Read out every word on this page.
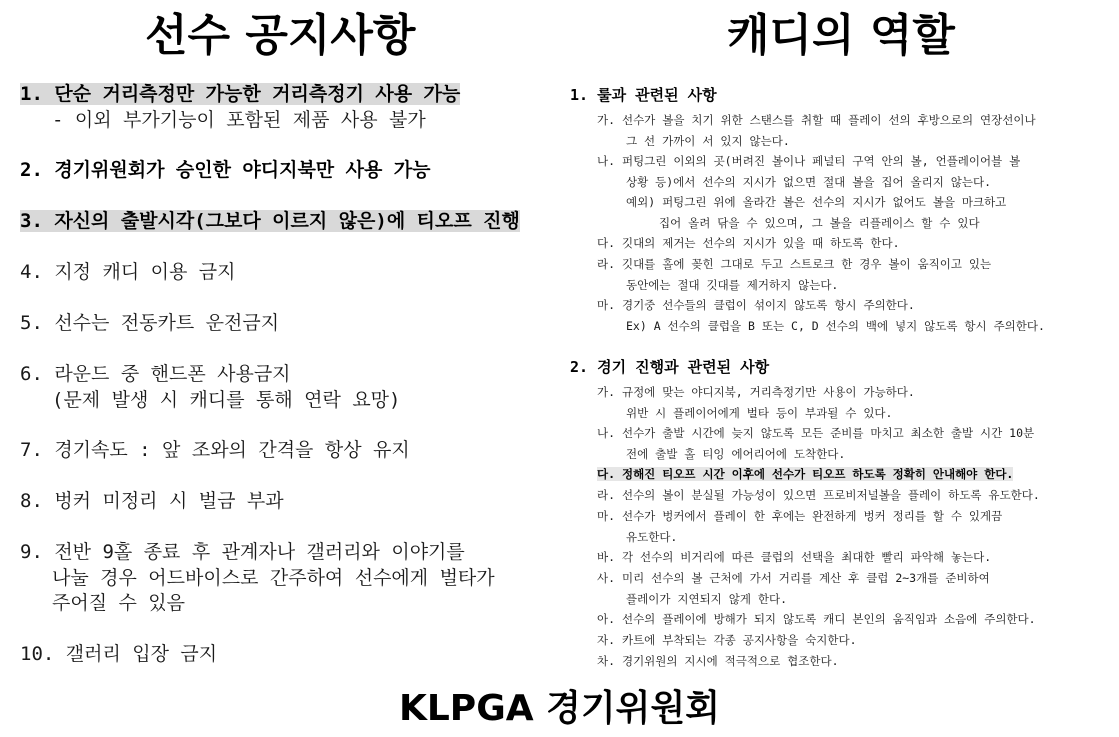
선수 공지사항	캐디의 역할
1. 단순 거리측정만 가능한 거리측정기 사용 가능
- 이외 부가기능이 포함된 제품 사용 불가
2. 경기위원회가 승인한 야디지북만 사용 가능
3. 자신의 출발시각(그보다 이르지 않은)에 티오프 진행
4. 지정 캐디 이용 금지
5. 선수는 전동카트 운전금지
6. 라운드 중 핸드폰 사용금지
(문제 발생 시 캐디를 통해 연락 요망)
7. 경기속도 : 앞 조와의 간격을 항상 유지
8. 벙커 미정리 시 벌금 부과
9. 전반 9홀 종료 후 관계자나 갤러리와 이야기를
나눌 경우 어드바이스로 간주하여 선수에게 벌타가
주어질 수 있음
10. 갤러리 입장 금지
1. 룰과 관련된 사항
가. 선수가 볼을 치기 위한 스탠스를 취할 때 플레이 선의 후방으로의 연장선이나
그 선 가까이 서 있지 않는다.
나. 퍼팅그린 이외의 곳(버려진 볼이나 페널티 구역 안의 볼, 언플레이어블 볼
상황 등)에서 선수의 지시가 없으면 절대 볼을 집어 올리지 않는다.
예외) 퍼팅그린 위에 올라간 볼은 선수의 지시가 없어도 볼을 마크하고
집어 올려 닦을 수 있으며, 그 볼을 리플레이스 할 수 있다
다. 깃대의 제거는 선수의 지시가 있을 때 하도록 한다.
라. 깃대를 홀에 꽂힌 그대로 두고 스트로크 한 경우 볼이 움직이고 있는
동안에는 절대 깃대를 제거하지 않는다.
마. 경기중 선수들의 클럽이 섞이지 않도록 항시 주의한다.
Ex) A 선수의 클럽을 B 또는 C, D 선수의 백에 넣지 않도록 항시 주의한다.
2. 경기 진행과 관련된 사항
가. 규정에 맞는 야디지북, 거리측정기만 사용이 가능하다.
위반 시 플레이어에게 벌타 등이 부과될 수 있다.
나. 선수가 출발 시간에 늦지 않도록 모든 준비를 마치고 최소한 출발 시간 10분
전에 출발 홀 티잉 에어리어에 도착한다.
다. 정해진 티오프 시간 이후에 선수가 티오프 하도록 정확히 안내해야 한다.
라. 선수의 볼이 분실될 가능성이 있으면 프로비저널볼을 플레이 하도록 유도한다.
마. 선수가 벙커에서 플레이 한 후에는 완전하게 벙커 정리를 할 수 있게끔
유도한다.
바. 각 선수의 비거리에 따른 클럽의 선택을 최대한 빨리 파악해 놓는다.
사. 미리 선수의 볼 근처에 가서 거리를 계산 후 클럽 2~3개를 준비하여
플레이가 지연되지 않게 한다.
아. 선수의 플레이에 방해가 되지 않도록 캐디 본인의 움직임과 소음에 주의한다.
자. 카트에 부착되는 각종 공지사항을 숙지한다.
차. 경기위원의 지시에 적극적으로 협조한다.
KLPGA 경기위원회
